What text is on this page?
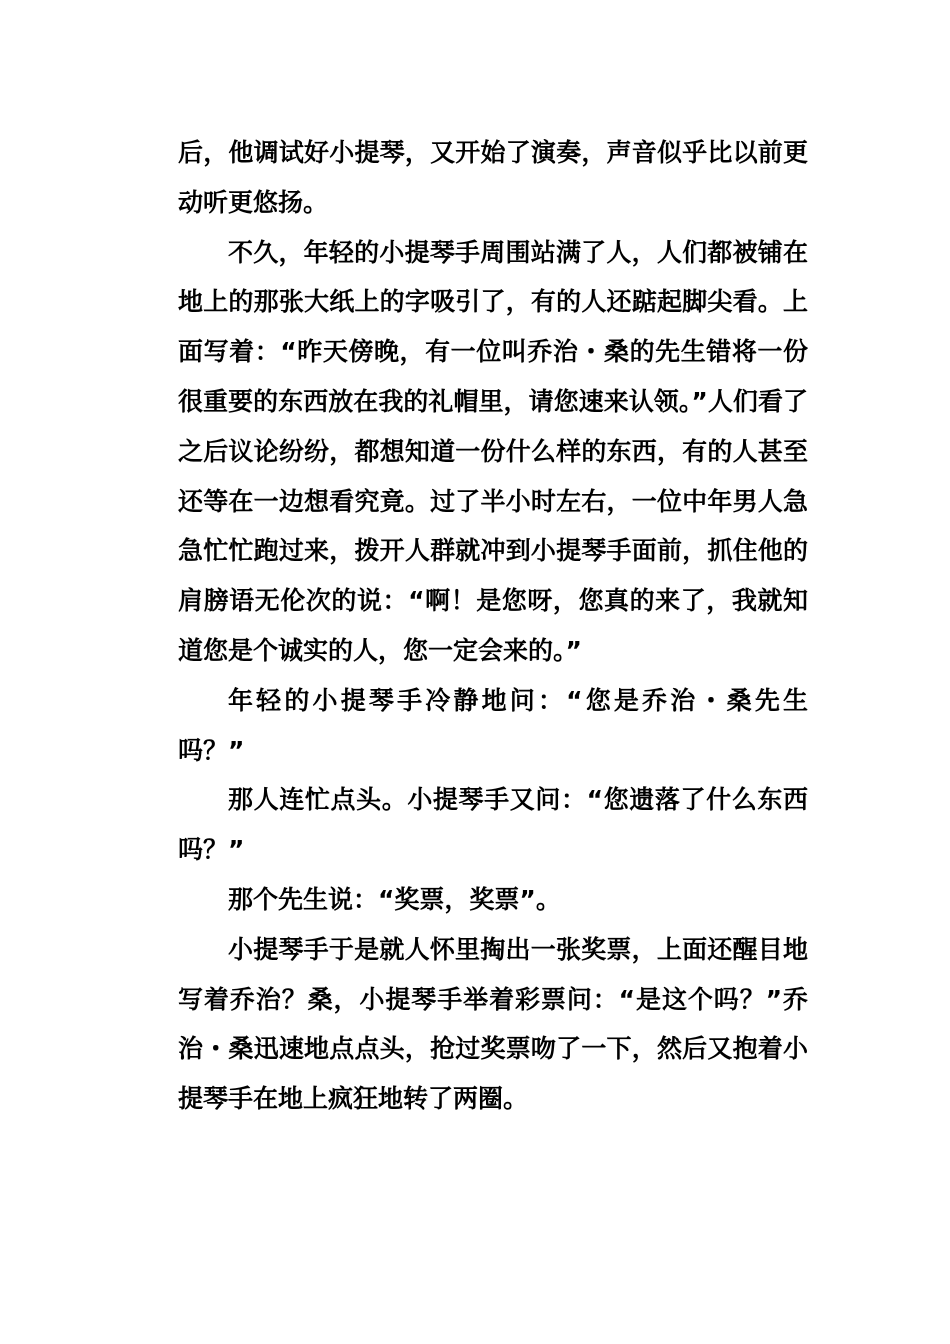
后，他调试好小提琴，又开始了演奏，声音似乎比以前更动听更悠扬。

不久，年轻的小提琴手周围站满了人，人们都被铺在地上的那张大纸上的字吸引了，有的人还踮起脚尖看。上面写着：“昨天傍晚，有一位叫乔治・桑的先生错将一份很重要的东西放在我的礼帽里，请您速来认领。”人们看了之后议论纷纷，都想知道一份什么样的东西，有的人甚至还等在一边想看究竟。过了半小时左右，一位中年男人急急忙忙跑过来，拨开人群就冲到小提琴手面前，抓住他的肩膀语无伦次的说：“啊！是您呀，您真的来了，我就知道您是个诚实的人，您一定会来的。”

年轻的小提琴手冷静地问：“您是乔治・桑先生吗？”

那人连忙点头。小提琴手又问：“您遗落了什么东西吗？”

那个先生说：“奖票，奖票”。

小提琴手于是就人怀里掏出一张奖票，上面还醒目地写着乔治？桑，小提琴手举着彩票问：“是这个吗？”乔治・桑迅速地点点头，抢过奖票吻了一下，然后又抱着小提琴手在地上疯狂地转了两圈。
